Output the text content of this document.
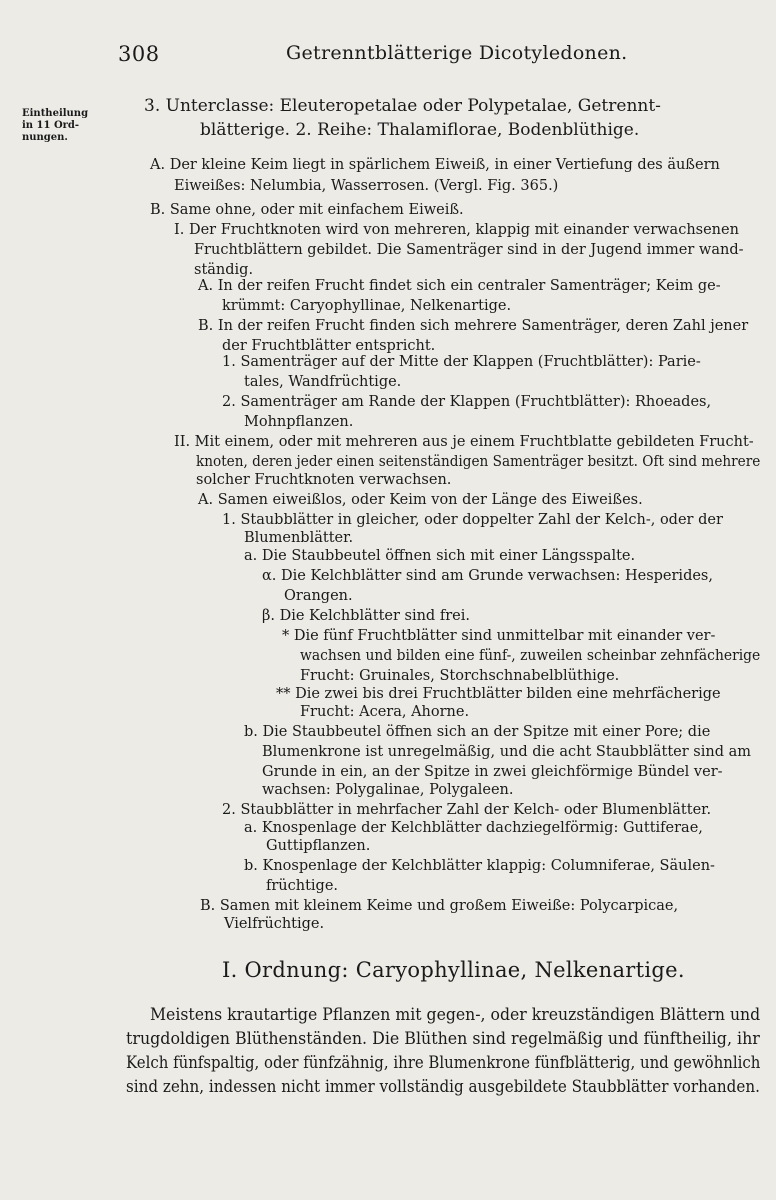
308	Getrenntblätterige Dicotyledonen.
Eintheilung
in 11 Ord-
nungen.
3. Unterclasse: Eleuteropetalae oder Polypetalae, Getrennt-
blätterige. 2. Reihe: Thalamiflorae, Bodenblüthige.
A. Der kleine Keim liegt in spärlichem Eiweiß, in einer Vertiefung des äußern
Eiweißes: Nelumbia, Wasserrosen. (Vergl. Fig. 365.)
B. Same ohne, oder mit einfachem Eiweiß.
I. Der Fruchtknoten wird von mehreren, klappig mit einander verwachsenen
Fruchtblättern gebildet. Die Samenträger sind in der Jugend immer wand-
ständig.
A. In der reifen Frucht findet sich ein centraler Samenträger; Keim ge-
krümmt: Caryophyllinae, Nelkenartige.
B. In der reifen Frucht finden sich mehrere Samenträger, deren Zahl jener
der Fruchtblätter entspricht.
1. Samenträger auf der Mitte der Klappen (Fruchtblätter): Parie-
tales, Wandfrüchtige.
2. Samenträger am Rande der Klappen (Fruchtblätter): Rhoeades,
Mohnpflanzen.
II. Mit einem, oder mit mehreren aus je einem Fruchtblatte gebildeten Frucht-
knoten, deren jeder einen seitenständigen Samenträger besitzt. Oft sind mehrere
solcher Fruchtknoten verwachsen.
A. Samen eiweißlos, oder Keim von der Länge des Eiweißes.
1. Staubblätter in gleicher, oder doppelter Zahl der Kelch-, oder der
Blumenblätter.
a. Die Staubbeutel öffnen sich mit einer Längsspalte.
α. Die Kelchblätter sind am Grunde verwachsen: Hesperides,
Orangen.
β. Die Kelchblätter sind frei.
* Die fünf Fruchtblätter sind unmittelbar mit einander ver-
wachsen und bilden eine fünf-, zuweilen scheinbar zehnfächerige
Frucht: Gruinales, Storchschnabelblüthige.
** Die zwei bis drei Fruchtblätter bilden eine mehrfächerige
Frucht: Acera, Ahorne.
b. Die Staubbeutel öffnen sich an der Spitze mit einer Pore; die
Blumenkrone ist unregelmäßig, und die acht Staubblätter sind am
Grunde in ein, an der Spitze in zwei gleichförmige Bündel ver-
wachsen: Polygalinae, Polygaleen.
2. Staubblätter in mehrfacher Zahl der Kelch- oder Blumenblätter.
a. Knospenlage der Kelchblätter dachziegelförmig: Guttiferae,
Guttipflanzen.
b. Knospenlage der Kelchblätter klappig: Columniferae, Säulen-
früchtige.
B. Samen mit kleinem Keime und großem Eiweiße: Polycarpicae,
Vielfrüchtige.
I. Ordnung: Caryophyllinae, Nelkenartige.
Meistens krautartige Pflanzen mit gegen-, oder kreuzständigen Blättern und
trugdoldigen Blüthenständen. Die Blüthen sind regelmäßig und fünftheilig, ihr
Kelch fünfspaltig, oder fünfzähnig, ihre Blumenkrone fünfblätterig, und gewöhnlich
sind zehn, indessen nicht immer vollständig ausgebildete Staubblätter vorhanden.
